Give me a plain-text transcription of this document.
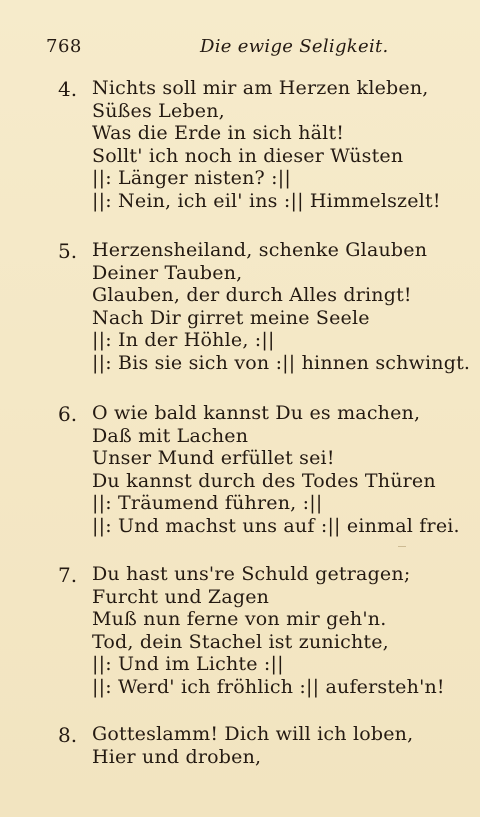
768	Die ewige Seligkeit.
4. Nichts soll mir am Herzen kleben,
Süßes Leben,
Was die Erde in sich hält!
Sollt' ich noch in dieser Wüsten
||: Länger nisten? :||
||: Nein, ich eil' ins :|| Himmelszelt!
5. Herzensheiland, schenke Glauben
Deiner Tauben,
Glauben, der durch Alles dringt!
Nach Dir girret meine Seele
||: In der Höhle, :||
||: Bis sie sich von :|| hinnen schwingt.
6. O wie bald kannst Du es machen,
Daß mit Lachen
Unser Mund erfüllet sei!
Du kannst durch des Todes Thüren
||: Träumend führen, :||
||: Und machst uns auf :|| einmal frei.
7. Du hast uns're Schuld getragen;
Furcht und Zagen
Muß nun ferne von mir geh'n.
Tod, dein Stachel ist zunichte,
||: Und im Lichte :||
||: Werd' ich fröhlich :|| aufersteh'n!
8. Gotteslamm! Dich will ich loben,
Hier und droben,
